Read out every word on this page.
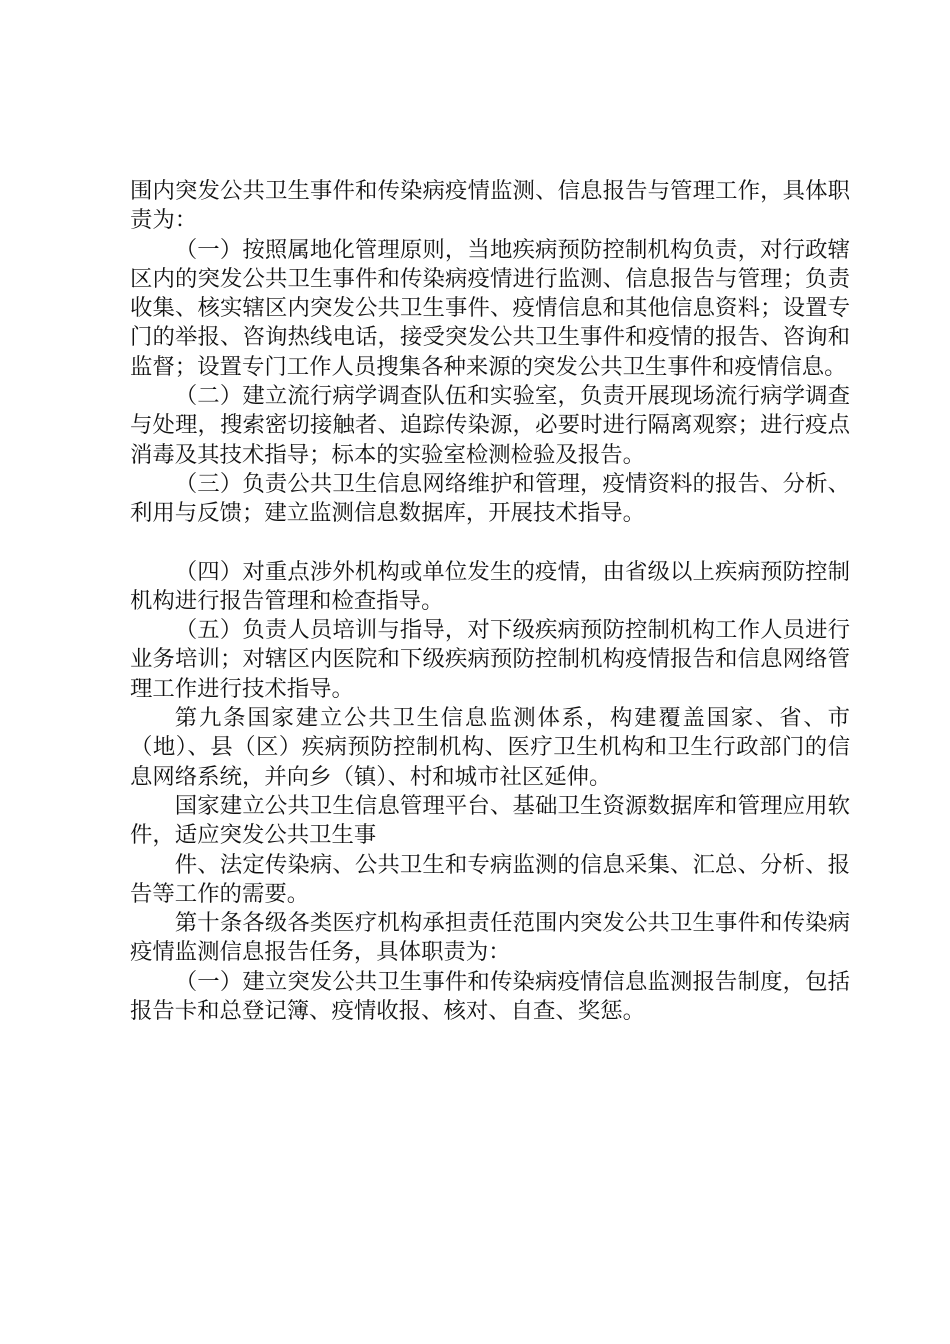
围内突发公共卫生事件和传染病疫情监测、信息报告与管理工作，具体职责为：

（一）按照属地化管理原则，当地疾病预防控制机构负责，对行政辖区内的突发公共卫生事件和传染病疫情进行监测、信息报告与管理；负责收集、核实辖区内突发公共卫生事件、疫情信息和其他信息资料；设置专门的举报、咨询热线电话，接受突发公共卫生事件和疫情的报告、咨询和监督；设置专门工作人员搜集各种来源的突发公共卫生事件和疫情信息。

（二）建立流行病学调查队伍和实验室，负责开展现场流行病学调查与处理，搜索密切接触者、追踪传染源，必要时进行隔离观察；进行疫点消毒及其技术指导；标本的实验室检测检验及报告。

（三）负责公共卫生信息网络维护和管理，疫情资料的报告、分析、利用与反馈；建立监测信息数据库，开展技术指导。

（四）对重点涉外机构或单位发生的疫情，由省级以上疾病预防控制机构进行报告管理和检查指导。

（五）负责人员培训与指导，对下级疾病预防控制机构工作人员进行业务培训；对辖区内医院和下级疾病预防控制机构疫情报告和信息网络管理工作进行技术指导。

第九条国家建立公共卫生信息监测体系，构建覆盖国家、省、市（地）、县（区）疾病预防控制机构、医疗卫生机构和卫生行政部门的信息网络系统，并向乡（镇）、村和城市社区延伸。

国家建立公共卫生信息管理平台、基础卫生资源数据库和管理应用软件，适应突发公共卫生事

件、法定传染病、公共卫生和专病监测的信息采集、汇总、分析、报告等工作的需要。

第十条各级各类医疗机构承担责任范围内突发公共卫生事件和传染病疫情监测信息报告任务，具体职责为：

（一）建立突发公共卫生事件和传染病疫情信息监测报告制度，包括报告卡和总登记簿、疫情收报、核对、自查、奖惩。
